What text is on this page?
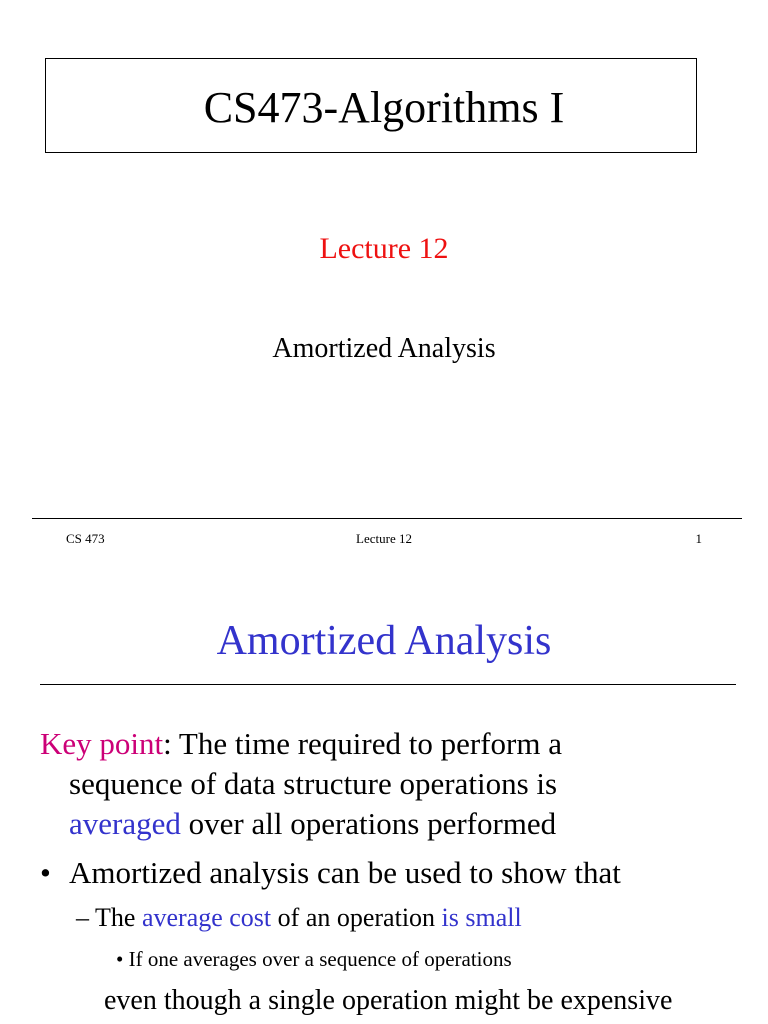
CS473-Algorithms I
Lecture 12
Amortized Analysis
CS 473	Lecture 12	1
Amortized Analysis
Key point: The time required to perform a
sequence of data structure operations is
averaged over all operations performed
• Amortized analysis can be used to show that
– The average cost of an operation is small
• If one averages over a sequence of operations
even though a single operation might be expensive
